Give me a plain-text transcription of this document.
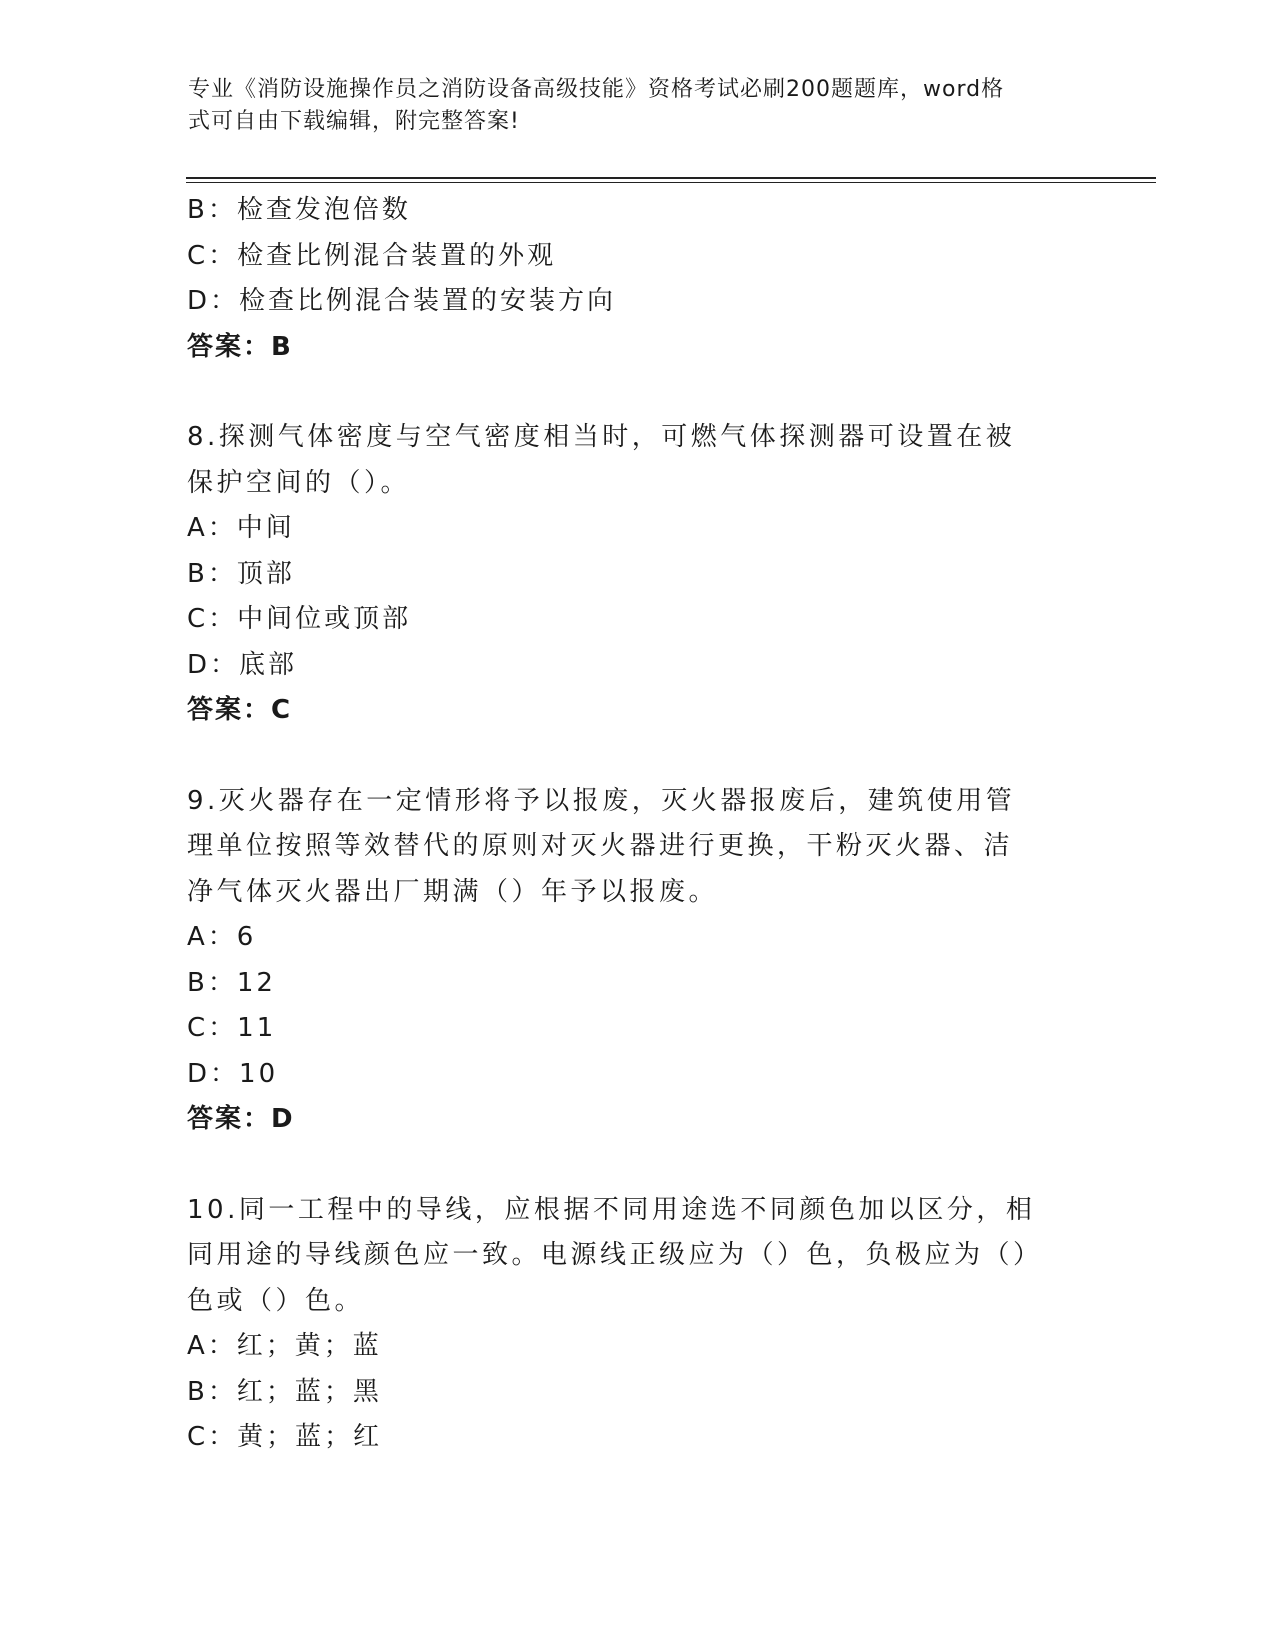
专业《消防设施操作员之消防设备高级技能》资格考试必刷200题题库，word格
式可自由下载编辑，附完整答案!
B：检查发泡倍数
C：检查比例混合装置的外观
D：检查比例混合装置的安装方向
答案：B
8.探测气体密度与空气密度相当时，可燃气体探测器可设置在被保护空间的（）。
A：中间
B：顶部
C：中间位或顶部
D：底部
答案：C
9.灭火器存在一定情形将予以报废，灭火器报废后，建筑使用管理单位按照等效替代的原则对灭火器进行更换，干粉灭火器、洁净气体灭火器出厂期满（）年予以报废。
A：6
B：12
C：11
D：10
答案：D
10.同一工程中的导线，应根据不同用途选不同颜色加以区分，相同用途的导线颜色应一致。电源线正级应为（）色，负极应为（）色或（）色。
A：红；黄；蓝
B：红；蓝；黑
C：黄；蓝；红
